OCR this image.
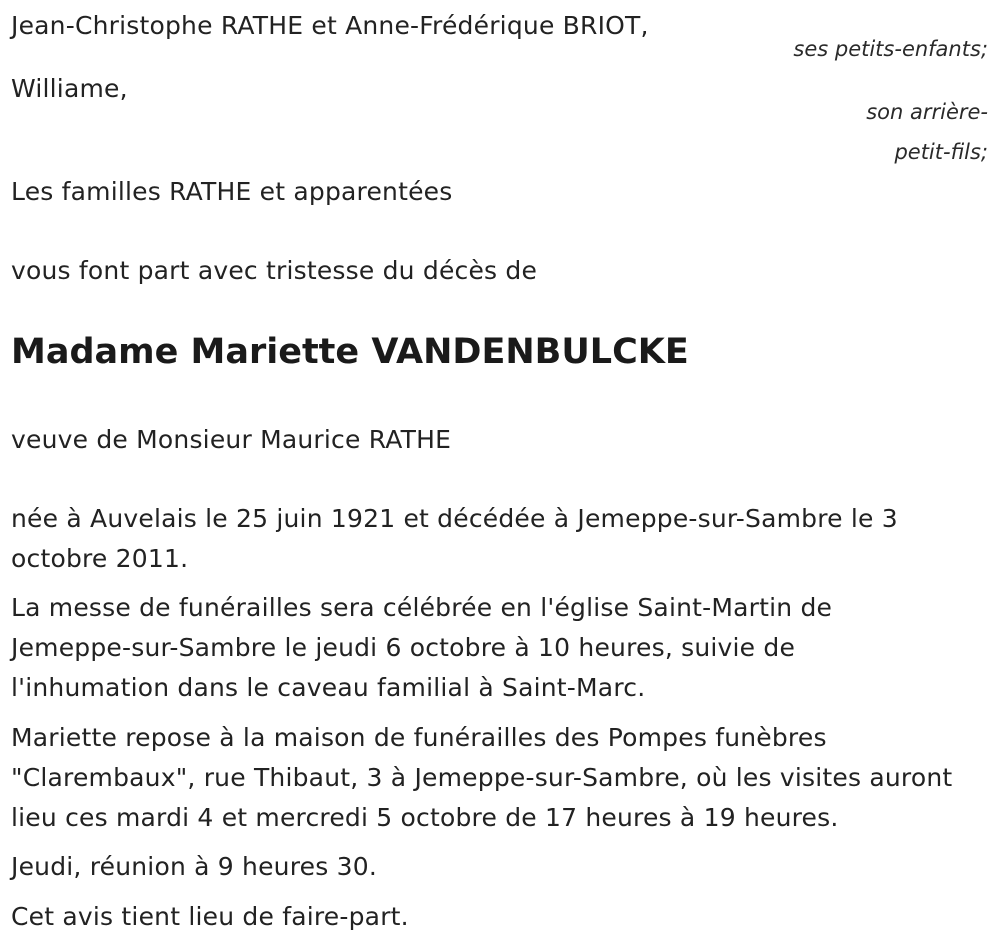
Jean-Christophe RATHE et Anne-Frédérique BRIOT,
ses petits-enfants;
Williame,
son arrière-
petit-fils;
Les familles RATHE et apparentées
vous font part avec tristesse du décès de
Madame Mariette VANDENBULCKE
veuve de Monsieur Maurice RATHE
née à Auvelais le 25 juin 1921 et décédée à Jemeppe-sur-Sambre le 3
octobre 2011.
La messe de funérailles sera célébrée en l'église Saint-Martin de
Jemeppe-sur-Sambre le jeudi 6 octobre à 10 heures, suivie de
l'inhumation dans le caveau familial à Saint-Marc.
Mariette repose à la maison de funérailles des Pompes funèbres
"Clarembaux", rue Thibaut, 3 à Jemeppe-sur-Sambre, où les visites auront
lieu ces mardi 4 et mercredi 5 octobre de 17 heures à 19 heures.
Jeudi, réunion à 9 heures 30.
Cet avis tient lieu de faire-part.
